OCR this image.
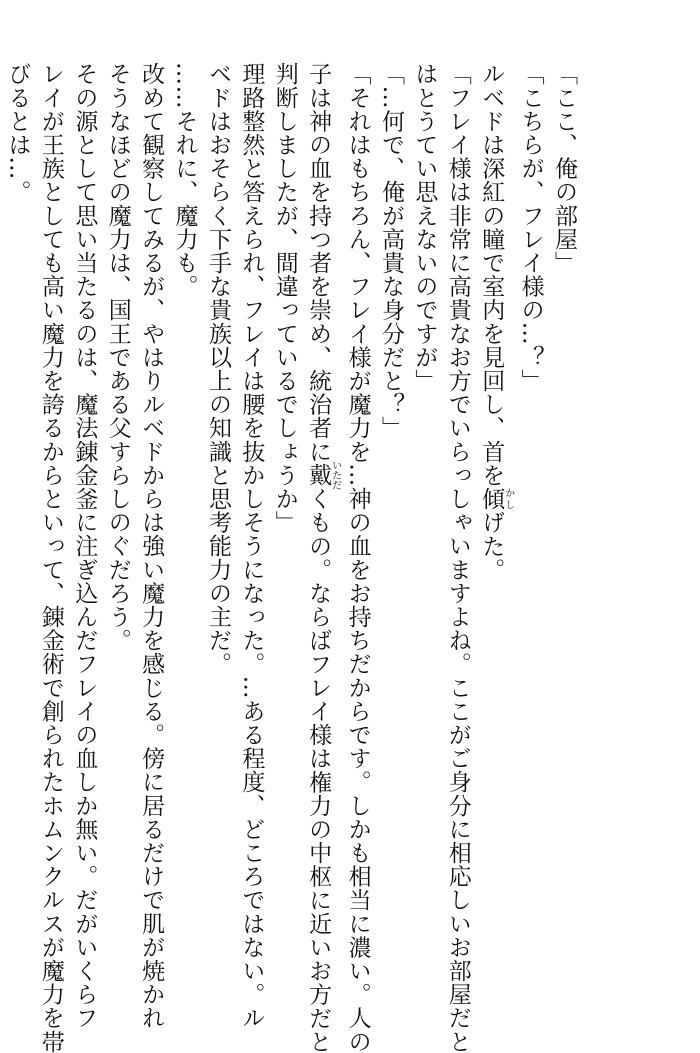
「ここ、俺の部屋」
「こちらが、フレイ様の…？」
ルベドは深紅の瞳で室内を見回し、首を傾かしげた。
「フレイ様は非常に高貴なお方でいらっしゃいますよね。ここがご身分に相応しいお部屋だと
はとうてい思えないのですが」
「…何で、俺が高貴な身分だと？」
「それはもちろん、フレイ様が魔力を…神の血をお持ちだからです。しかも相当に濃い。人の
子は神の血を持つ者を崇め、統治者に戴いただくもの。ならばフレイ様は権力の中枢に近いお方だと
判断しましたが、間違っているでしょうか」
理路整然と答えられ、フレイは腰を抜かしそうになった。…ある程度、どころではない。ル
ベドはおそらく下手な貴族以上の知識と思考能力の主だ。
……それに、魔力も。
改めて観察してみるが、やはりルベドからは強い魔力を感じる。傍に居るだけで肌が焼かれ
そうなほどの魔力は、国王である父すらしのぐだろう。
その源として思い当たるのは、魔法錬金釜に注ぎ込んだフレイの血しか無い。だがいくらフ
レイが王族としても高い魔力を誇るからといって、錬金術で創られたホムンクルスが魔力を帯
びるとは…。
